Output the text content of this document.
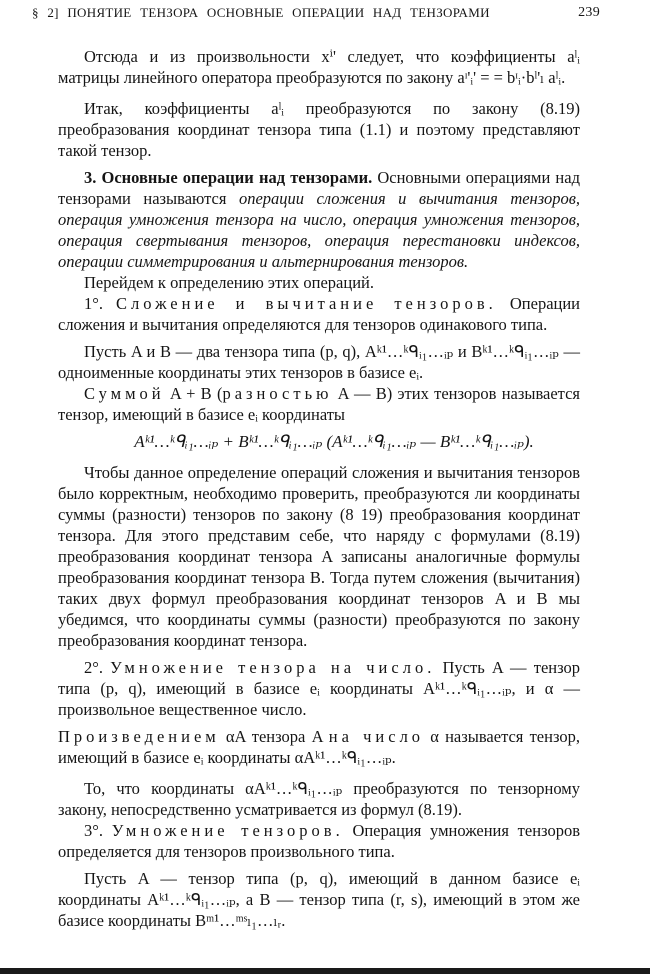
§ 2] ПОНЯТИЕ ТЕНЗОРА ОСНОВНЫЕ ОПЕРАЦИИ НАД ТЕНЗОРАМИ	239

Отсюда и из произвольности xⁱ' следует, что коэффициенты aˡᵢ матрицы линейного оператора преобразуются по закону aᶦ'ᵢ' = = bᶦᵢ·bˡ'ₗ aˡᵢ.

Итак, коэффициенты aˡᵢ преобразуются по закону (8.19) преобразования координат тензора типа (1.1) и поэтому представляют такой тензор.

3. Основные операции над тензорами. Основными операциями над тензорами называются операции сложения и вычитания тензоров, операция умножения тензора на число, операция умножения тензоров, операция свертывания тензоров, операция перестановки индексов, операции симметрирования и альтернирования тензоров.

Перейдем к определению этих операций.

1°. Сложение и вычитание тензоров. Операции сложения и вычитания определяются для тензоров одинакового типа.

Пусть A и B — два тензора типа (p, q), Aᵏ¹…ᵏᑫᵢ₁…ᵢₚ и Bᵏ¹…ᵏᑫᵢ₁…ᵢₚ — одноименные координаты этих тензоров в базисе eᵢ.

Суммой A + B (разностью A — B) этих тензоров называется тензор, имеющий в базисе eᵢ координаты

Aᵏ¹…ᵏᑫᵢ₁…ᵢₚ + Bᵏ¹…ᵏᑫᵢ₁…ᵢₚ (Aᵏ¹…ᵏᑫᵢ₁…ᵢₚ — Bᵏ¹…ᵏᑫᵢ₁…ᵢₚ).

Чтобы данное определение операций сложения и вычитания тензоров было корректным, необходимо проверить, преобразуются ли координаты суммы (разности) тензоров по закону (8 19) преобразования координат тензора. Для этого представим себе, что наряду с формулами (8.19) преобразования координат тензора A записаны аналогичные формулы преобразования координат тензора B. Тогда путем сложения (вычитания) таких двух формул преобразования координат тензоров A и B мы убедимся, что координаты суммы (разности) преобразуются по закону преобразования координат тензора.

2°. Умножение тензора на число. Пусть A — тензор типа (p, q), имеющий в базисе eᵢ координаты Aᵏ¹…ᵏᑫᵢ₁…ᵢₚ, и α — произвольное вещественное число.

Произведением αA тензора A на число α называется тензор, имеющий в базисе eᵢ координаты αAᵏ¹…ᵏᑫᵢ₁…ᵢₚ.

То, что координаты αAᵏ¹…ᵏᑫᵢ₁…ᵢₚ преобразуются по тензорному закону, непосредственно усматривается из формул (8.19).

3°. Умножение тензоров. Операция умножения тензоров определяется для тензоров произвольного типа.

Пусть A — тензор типа (p, q), имеющий в данном базисе eᵢ координаты Aᵏ¹…ᵏᑫᵢ₁…ᵢₚ, а B — тензор типа (r, s), имеющий в этом же базисе координаты Bᵐ¹…ᵐˢₗ₁…ₗᵣ.
